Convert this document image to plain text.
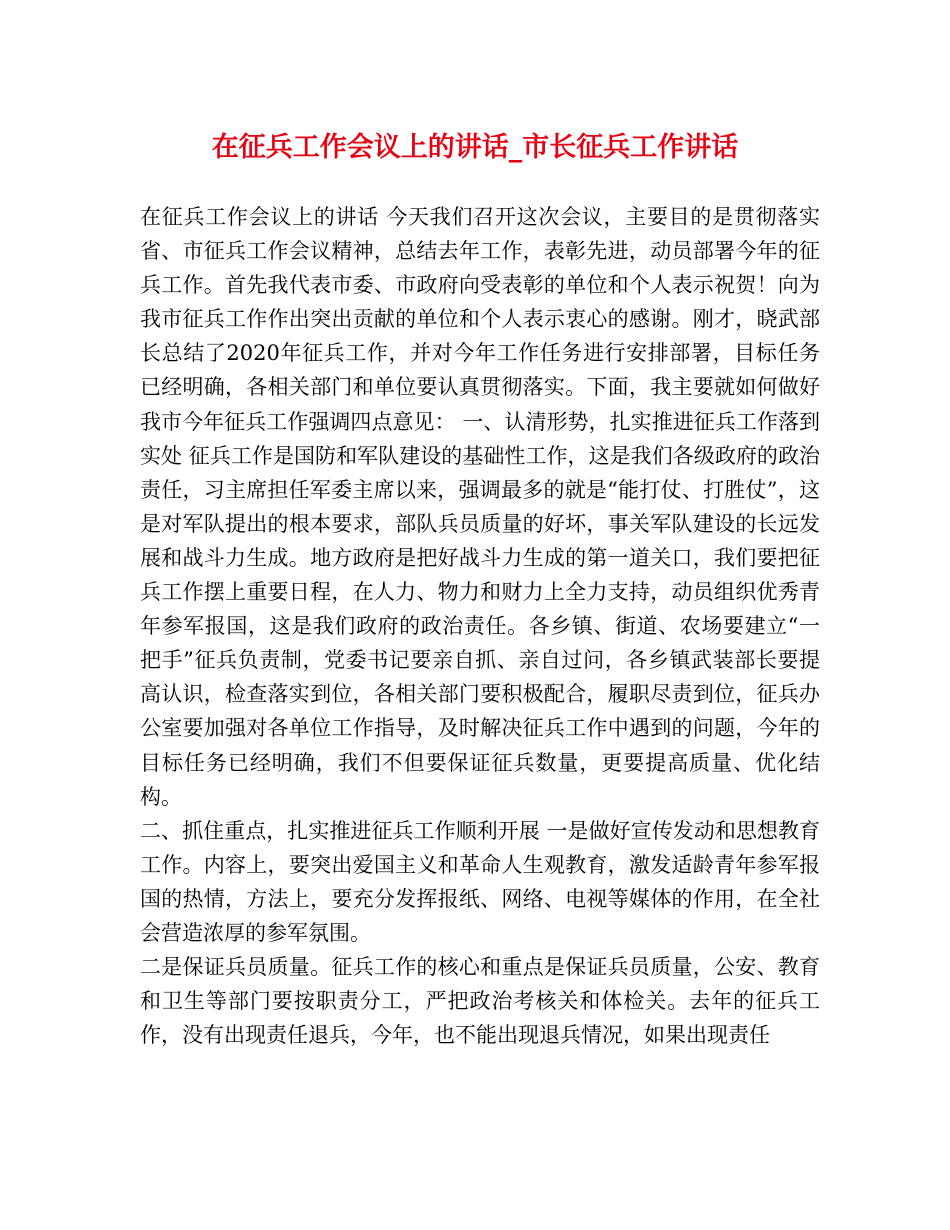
在征兵工作会议上的讲话_市长征兵工作讲话

在征兵工作会议上的讲话 今天我们召开这次会议，主要目的是贯彻落实省、市征兵工作会议精神，总结去年工作，表彰先进，动员部署今年的征兵工作。首先我代表市委、市政府向受表彰的单位和个人表示祝贺！向为我市征兵工作作出突出贡献的单位和个人表示衷心的感谢。刚才，晓武部长总结了2020年征兵工作，并对今年工作任务进行安排部署，目标任务已经明确，各相关部门和单位要认真贯彻落实。下面，我主要就如何做好我市今年征兵工作强调四点意见： 一、认清形势，扎实推进征兵工作落到实处 征兵工作是国防和军队建设的基础性工作，这是我们各级政府的政治责任，习主席担任军委主席以来，强调最多的就是“能打仗、打胜仗”，这是对军队提出的根本要求，部队兵员质量的好坏，事关军队建设的长远发展和战斗力生成。地方政府是把好战斗力生成的第一道关口，我们要把征兵工作摆上重要日程，在人力、物力和财力上全力支持，动员组织优秀青年参军报国，这是我们政府的政治责任。各乡镇、街道、农场要建立“一把手”征兵负责制，党委书记要亲自抓、亲自过问，各乡镇武装部长要提高认识，检查落实到位，各相关部门要积极配合，履职尽责到位，征兵办公室要加强对各单位工作指导，及时解决征兵工作中遇到的问题，今年的目标任务已经明确，我们不但要保证征兵数量，更要提高质量、优化结构。

二、抓住重点，扎实推进征兵工作顺利开展 一是做好宣传发动和思想教育工作。内容上，要突出爱国主义和革命人生观教育，激发适龄青年参军报国的热情，方法上，要充分发挥报纸、网络、电视等媒体的作用，在全社会营造浓厚的参军氛围。

二是保证兵员质量。征兵工作的核心和重点是保证兵员质量，公安、教育和卫生等部门要按职责分工，严把政治考核关和体检关。去年的征兵工作，没有出现责任退兵，今年，也不能出现退兵情况，如果出现责任
